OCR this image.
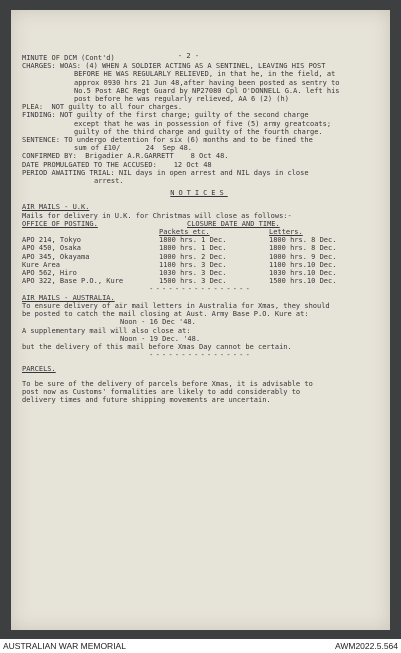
- 2 -
MINUTE OF DCM (Cont'd)
CHARGES: WOAS: (4) WHEN A SOLDIER ACTING AS A SENTINEL, LEAVING HIS POST
BEFORE HE WAS REGULARLY RELIEVED, in that he, in the field, at
approx 0930 hrs 21 Jun 48,after having been posted as sentry to
No.5 Post ABC Regt Guard by NP27080 Cpl O'DONNELL G.A. left his
post before he was regularly relieved, AA 6 (2) (h)
PLEA:  NOT guilty to all four charges.
FINDING: NOT guilty of the first charge; guilty of the second charge
except that he was in possession of five (5) army greatcoats;
guilty of the third charge and guilty of the fourth charge.
SENTENCE: TO undergo detention for six (6) months and to be fined the
sum of £10/      24  Sep 48.
CONFIRMED BY:  Brigadier A.R.GARRETT    8 Oct 48.
DATE PROMULGATED TO THE ACCUSED:    12 Oct 48
PERIOD AWAITING TRIAL: NIL days in open arrest and NIL days in close
arrest.
NOTICES
AIR MAILS - U.K.
Mails for delivery in U.K. for Christmas will close as follows:-
OFFICE OF POSTING.	CLOSURE DATE AND TIME.	
	Packets etc.	Letters.
APO 214, Tokyo	1800 hrs. 1 Dec.	1800 hrs. 8 Dec.
APO 450, Osaka	1800 hrs. 1 Dec.	1800 hrs. 8 Dec.
APO 345, Okayama	1000 hrs. 2 Dec.	1000 hrs. 9 Dec.
Kure Area	1100 hrs. 3 Dec.	1100 hrs.10 Dec.
APO 562, Hiro	1030 hrs. 3 Dec.	1030 hrs.10 Dec.
APO 322, Base P.O., Kure	1500 hrs. 3 Dec.	1500 hrs.10 Dec.
- - - - - - - - - - - - - - - -
AIR MAILS - AUSTRALIA.
To ensure delivery of air mail letters in Australia for Xmas, they should
be posted to catch the mail closing at Aust. Army Base P.O. Kure at:
Noon - 16 Dec '48.
A supplementary mail will also close at:
Noon - 19 Dec. '48.
but the delivery of this mail before Xmas Day cannot be certain.
- - - - - - - - - - - - - - - -
PARCELS.
To be sure of the delivery of parcels before Xmas, it is advisable to
post now as Customs' formalities are likely to add considerably to
delivery times and future shipping movements are uncertain.
AUSTRALIAN WAR MEMORIAL	AWM2022.5.564
